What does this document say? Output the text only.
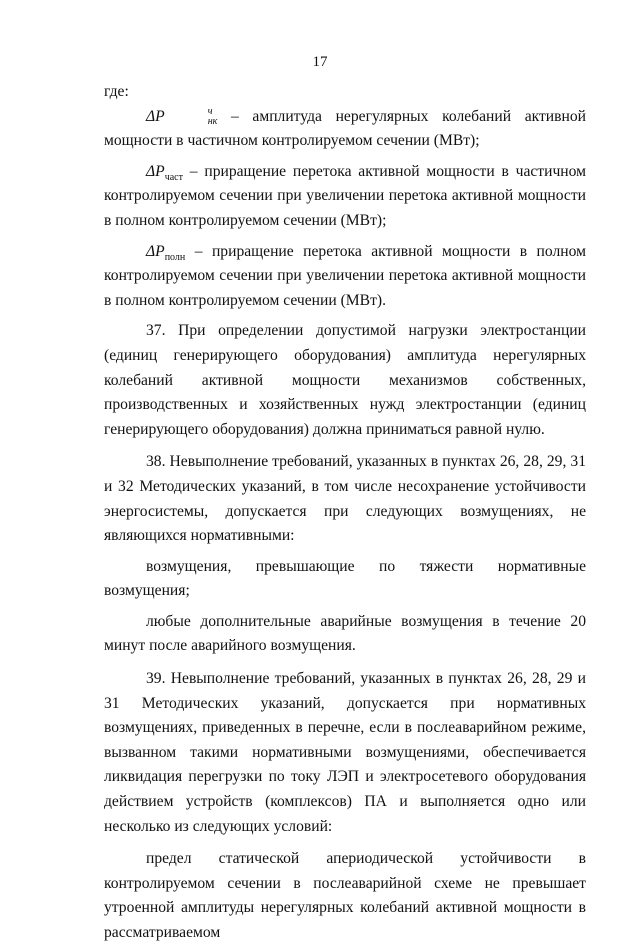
17

где:

ΔP	ч
нк – амплитуда нерегулярных колебаний активной мощности в частичном контролируемом сечении (МВт);

$\Delta P_{част}$ – приращение перетока активной мощности в частичном контролируемом сечении при увеличении перетока активной мощности в полном контролируемом сечении (МВт);

$\Delta P_{полн}$ – приращение перетока активной мощности в полном контролируемом сечении при увеличении перетока активной мощности в полном контролируемом сечении (МВт).

37. При определении допустимой нагрузки электростанции (единиц генерирующего оборудования) амплитуда нерегулярных колебаний активной мощности механизмов собственных, производственных и хозяйственных нужд электростанции (единиц генерирующего оборудования) должна приниматься равной нулю.

38. Невыполнение требований, указанных в пунктах 26, 28, 29, 31 и 32 Методических указаний, в том числе несохранение устойчивости энергосистемы, допускается при следующих возмущениях, не являющихся нормативными:

возмущения, превышающие по тяжести нормативные возмущения;

любые дополнительные аварийные возмущения в течение 20 минут после аварийного возмущения.

39. Невыполнение требований, указанных в пунктах 26, 28, 29 и 31 Методических указаний, допускается при нормативных возмущениях, приведенных в перечне, если в послеаварийном режиме, вызванном такими нормативными возмущениями, обеспечивается ликвидация перегрузки по току ЛЭП и электросетевого оборудования действием устройств (комплексов) ПА и выполняется одно или несколько из следующих условий:

предел статической апериодической устойчивости в контролируемом сечении в послеаварийной схеме не превышает утроенной амплитуды нерегулярных колебаний активной мощности в рассматриваемом
